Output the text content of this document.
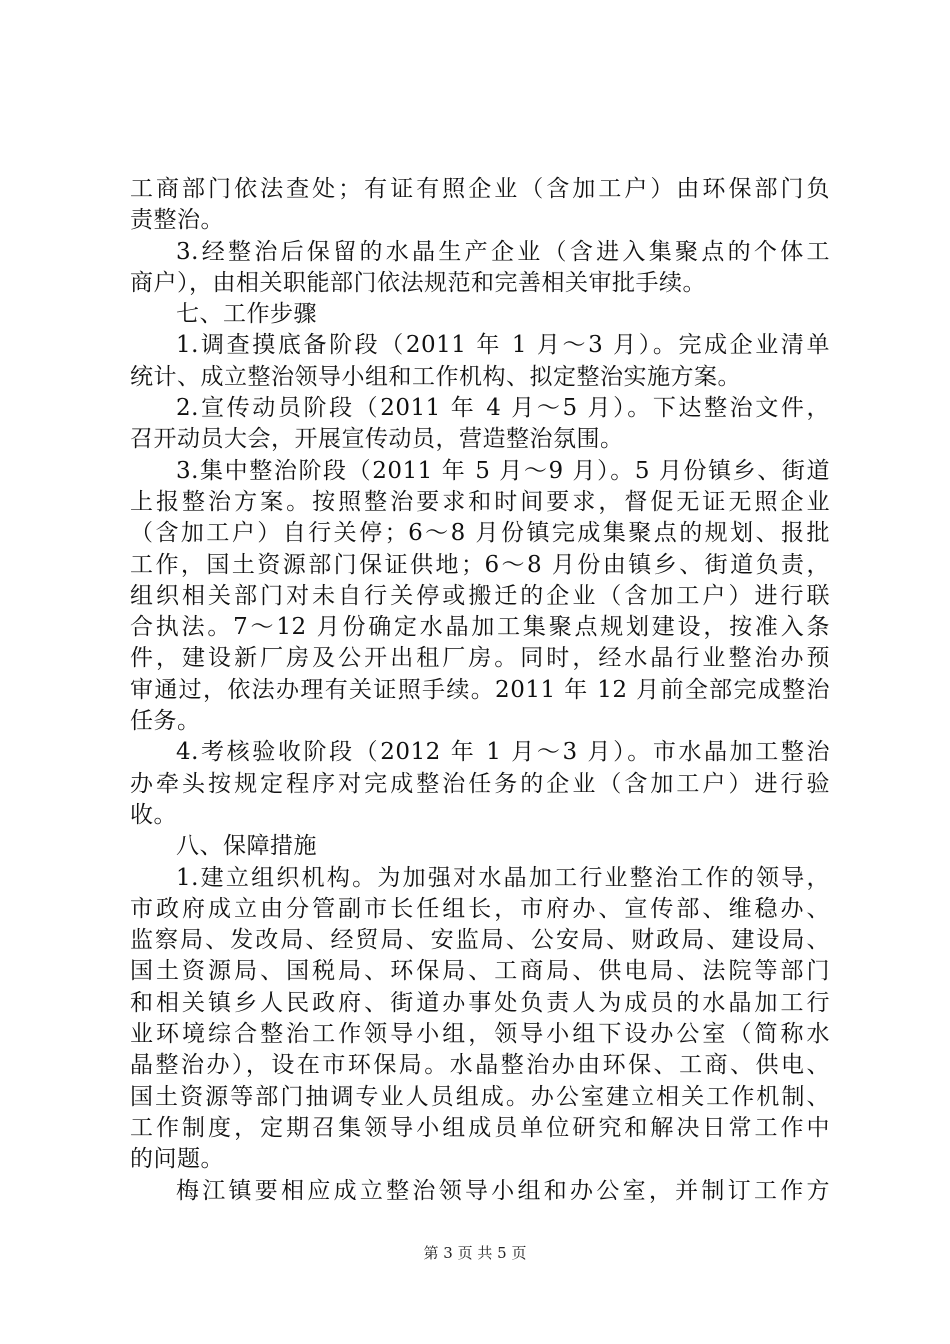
工商部门依法查处；有证有照企业（含加工户）由环保部门负
责整治。
3.经整治后保留的水晶生产企业（含进入集聚点的个体工
商户），由相关职能部门依法规范和完善相关审批手续。
七、工作步骤
1.调查摸底备阶段（2011 年 1 月～3 月）。完成企业清单
统计、成立整治领导小组和工作机构、拟定整治实施方案。
2.宣传动员阶段（2011 年 4 月～5 月）。下达整治文件，
召开动员大会，开展宣传动员，营造整治氛围。
3.集中整治阶段（2011 年 5 月～9 月）。5 月份镇乡、街道
上报整治方案。按照整治要求和时间要求，督促无证无照企业
（含加工户）自行关停；6～8 月份镇完成集聚点的规划、报批
工作，国土资源部门保证供地；6～8 月份由镇乡、街道负责，
组织相关部门对未自行关停或搬迁的企业（含加工户）进行联
合执法。7～12 月份确定水晶加工集聚点规划建设，按准入条
件，建设新厂房及公开出租厂房。同时，经水晶行业整治办预
审通过，依法办理有关证照手续。2011 年 12 月前全部完成整治
任务。
4.考核验收阶段（2012 年 1 月～3 月）。市水晶加工整治
办牵头按规定程序对完成整治任务的企业（含加工户）进行验
收。
八、保障措施
1.建立组织机构。为加强对水晶加工行业整治工作的领导，
市政府成立由分管副市长任组长，市府办、宣传部、维稳办、
监察局、发改局、经贸局、安监局、公安局、财政局、建设局、
国土资源局、国税局、环保局、工商局、供电局、法院等部门
和相关镇乡人民政府、街道办事处负责人为成员的水晶加工行
业环境综合整治工作领导小组，领导小组下设办公室（简称水
晶整治办），设在市环保局。水晶整治办由环保、工商、供电、
国土资源等部门抽调专业人员组成。办公室建立相关工作机制、
工作制度，定期召集领导小组成员单位研究和解决日常工作中
的问题。
梅江镇要相应成立整治领导小组和办公室，并制订工作方
第 3 页 共 5 页
